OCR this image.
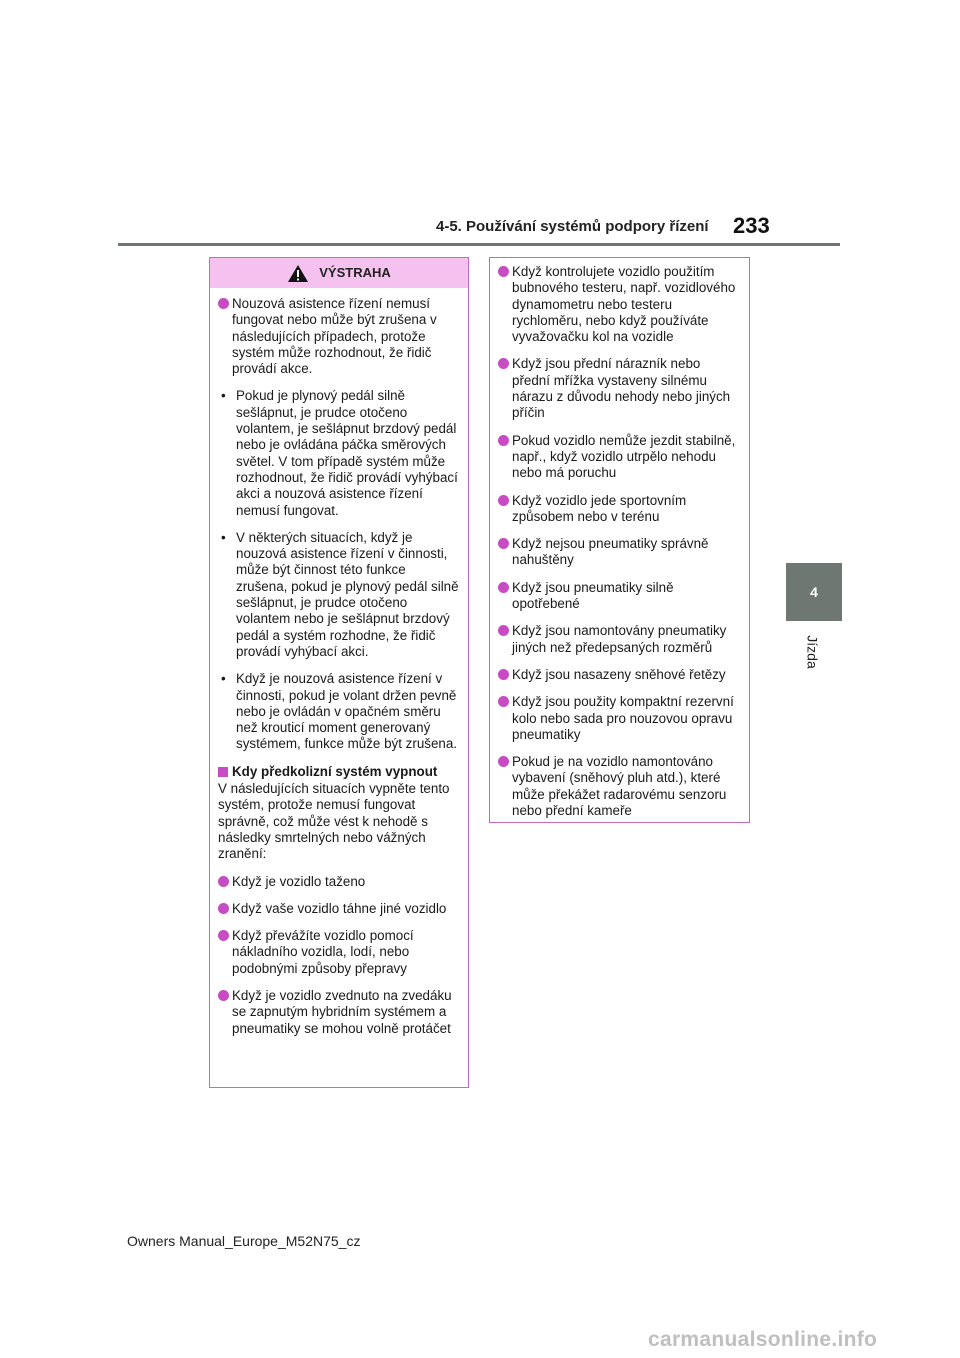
4-5. Používání systémů podpory řízení 233
4
Jízda
VÝSTRAHA
Nouzová asistence řízení nemusí fungovat nebo může být zrušena v následujících případech, protože systém může rozhodnout, že řidič provádí akce.
• Pokud je plynový pedál silně sešlápnut, je prudce otočeno volantem, je sešlápnut brzdový pedál nebo je ovládána páčka směrových světel. V tom případě systém může rozhodnout, že řidič provádí vyhýbací akci a nouzová asistence řízení nemusí fungovat.
• V některých situacích, když je nouzová asistence řízení v činnosti, může být činnost této funkce zrušena, pokud je plynový pedál silně sešlápnut, je prudce otočeno volantem nebo je sešlápnut brzdový pedál a systém rozhodne, že řidič provádí vyhýbací akci.
• Když je nouzová asistence řízení v činnosti, pokud je volant držen pevně nebo je ovládán v opačném směru než krouticí moment generovaný systémem, funkce může být zrušena.
Kdy předkolizní systém vypnout
V následujících situacích vypněte tento systém, protože nemusí fungovat správně, což může vést k nehodě s následky smrtelných nebo vážných zranění:
Když je vozidlo taženo
Když vaše vozidlo táhne jiné vozidlo
Když převážíte vozidlo pomocí nákladního vozidla, lodí, nebo podobnými způsoby přepravy
Když je vozidlo zvednuto na zvedáku se zapnutým hybridním systémem a pneumatiky se mohou volně protáčet
Když kontrolujete vozidlo použitím bubnového testeru, např. vozidlového dynamometru nebo testeru rychloměru, nebo když používáte vyvažovačku kol na vozidle
Když jsou přední nárazník nebo přední mřížka vystaveny silnému nárazu z důvodu nehody nebo jiných příčin
Pokud vozidlo nemůže jezdit stabilně, např., když vozidlo utrpělo nehodu nebo má poruchu
Když vozidlo jede sportovním způsobem nebo v terénu
Když nejsou pneumatiky správně nahuštěny
Když jsou pneumatiky silně opotřebené
Když jsou namontovány pneumatiky jiných než předepsaných rozměrů
Když jsou nasazeny sněhové řetězy
Když jsou použity kompaktní rezervní kolo nebo sada pro nouzovou opravu pneumatiky
Pokud je na vozidlo namontováno vybavení (sněhový pluh atd.), které může překážet radarovému senzoru nebo přední kameře
Owners Manual_Europe_M52N75_cz
carmanualsonline.info
